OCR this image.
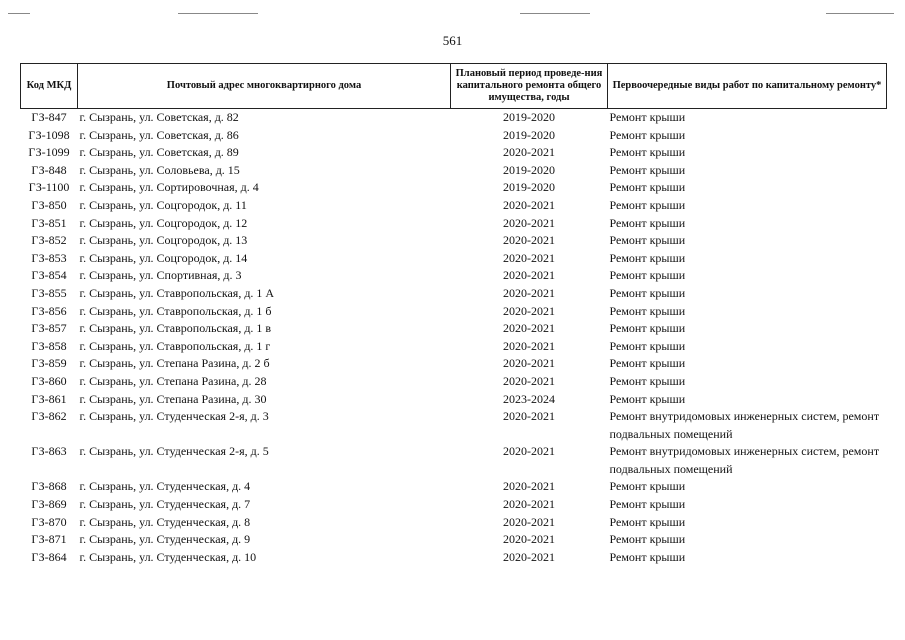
561
Код МКД	Почтовый адрес многоквартирного дома	Плановый период проведе-ния капитального ремонта общего имущества, годы	Первоочередные виды работ по капитальному ремонту*
ГЗ-847	г. Сызрань, ул. Советская, д. 82	2019-2020	Ремонт крыши
ГЗ-1098	г. Сызрань, ул. Советская, д. 86	2019-2020	Ремонт крыши
ГЗ-1099	г. Сызрань, ул. Советская, д. 89	2020-2021	Ремонт крыши
ГЗ-848	г. Сызрань, ул. Соловьева, д. 15	2019-2020	Ремонт крыши
ГЗ-1100	г. Сызрань, ул. Сортировочная, д. 4	2019-2020	Ремонт крыши
ГЗ-850	г. Сызрань, ул. Соцгородок, д. 11	2020-2021	Ремонт крыши
ГЗ-851	г. Сызрань, ул. Соцгородок, д. 12	2020-2021	Ремонт крыши
ГЗ-852	г. Сызрань, ул. Соцгородок, д. 13	2020-2021	Ремонт крыши
ГЗ-853	г. Сызрань, ул. Соцгородок, д. 14	2020-2021	Ремонт крыши
ГЗ-854	г. Сызрань, ул. Спортивная, д. 3	2020-2021	Ремонт крыши
ГЗ-855	г. Сызрань, ул. Ставропольская, д. 1 А	2020-2021	Ремонт крыши
ГЗ-856	г. Сызрань, ул. Ставропольская, д. 1 б	2020-2021	Ремонт крыши
ГЗ-857	г. Сызрань, ул. Ставропольская, д. 1 в	2020-2021	Ремонт крыши
ГЗ-858	г. Сызрань, ул. Ставропольская, д. 1 г	2020-2021	Ремонт крыши
ГЗ-859	г. Сызрань, ул. Степана Разина, д. 2 б	2020-2021	Ремонт крыши
ГЗ-860	г. Сызрань, ул. Степана Разина, д. 28	2020-2021	Ремонт крыши
ГЗ-861	г. Сызрань, ул. Степана Разина, д. 30	2023-2024	Ремонт крыши
ГЗ-862	г. Сызрань, ул. Студенческая 2-я, д. 3	2020-2021	Ремонт внутридомовых инженерных систем, ремонт подвальных помещений
ГЗ-863	г. Сызрань, ул. Студенческая 2-я, д. 5	2020-2021	Ремонт внутридомовых инженерных систем, ремонт подвальных помещений
ГЗ-868	г. Сызрань, ул. Студенческая, д. 4	2020-2021	Ремонт крыши
ГЗ-869	г. Сызрань, ул. Студенческая, д. 7	2020-2021	Ремонт крыши
ГЗ-870	г. Сызрань, ул. Студенческая, д. 8	2020-2021	Ремонт крыши
ГЗ-871	г. Сызрань, ул. Студенческая, д. 9	2020-2021	Ремонт крыши
ГЗ-864	г. Сызрань, ул. Студенческая, д. 10	2020-2021	Ремонт крыши
